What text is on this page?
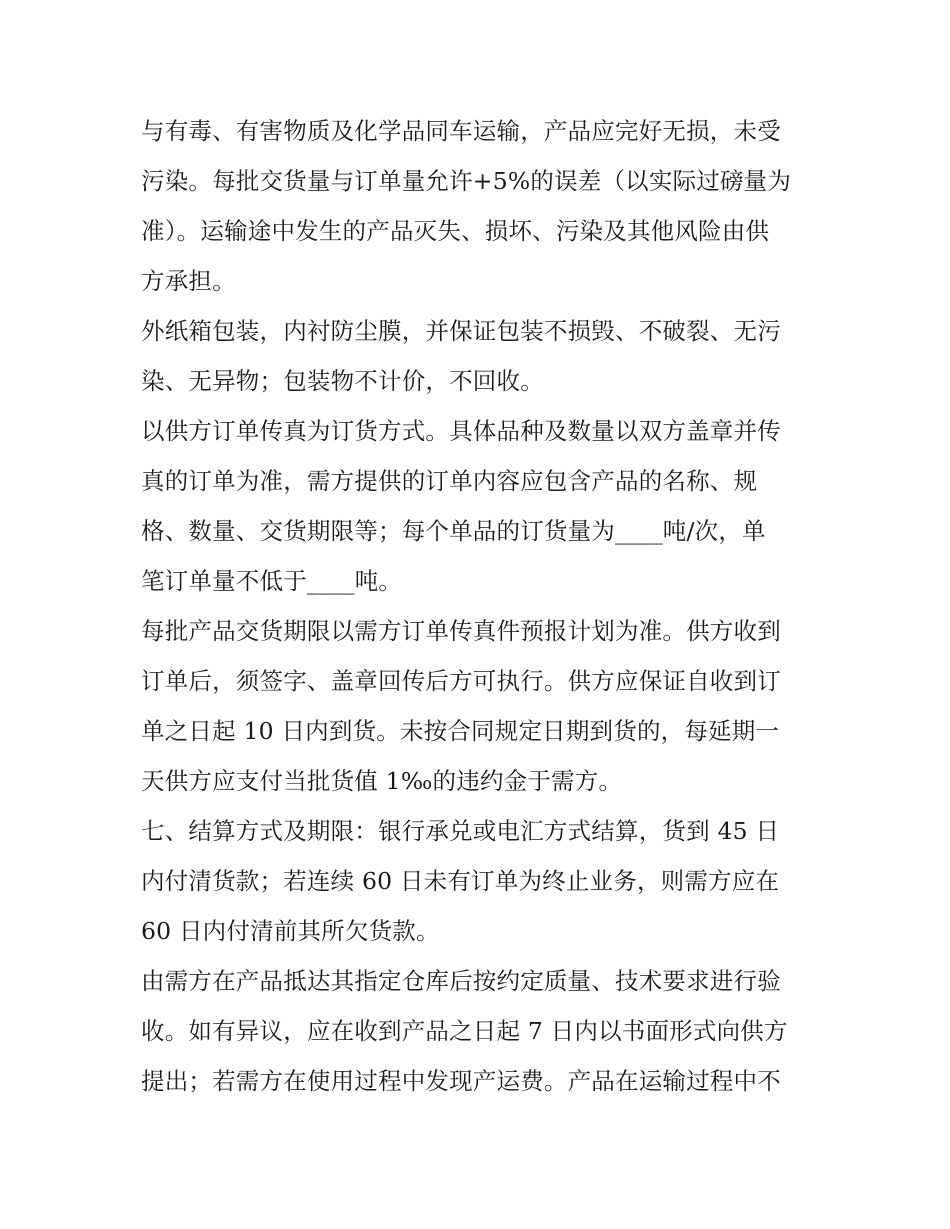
与有毒、有害物质及化学品同车运输，产品应完好无损，未受
污染。每批交货量与订单量允许+5%的误差（以实际过磅量为
准）。运输途中发生的产品灭失、损坏、污染及其他风险由供
方承担。
外纸箱包装，内衬防尘膜，并保证包装不损毁、不破裂、无污
染、无异物；包装物不计价，不回收。
以供方订单传真为订货方式。具体品种及数量以双方盖章并传
真的订单为准，需方提供的订单内容应包含产品的名称、规
格、数量、交货期限等；每个单品的订货量为____吨/次，单
笔订单量不低于____吨。
每批产品交货期限以需方订单传真件预报计划为准。供方收到
订单后，须签字、盖章回传后方可执行。供方应保证自收到订
单之日起 10 日内到货。未按合同规定日期到货的，每延期一
天供方应支付当批货值 1‰的违约金于需方。
七、结算方式及期限：银行承兑或电汇方式结算，货到 45 日
内付清货款；若连续 60 日未有订单为终止业务，则需方应在
60 日内付清前其所欠货款。
由需方在产品抵达其指定仓库后按约定质量、技术要求进行验
收。如有异议，应在收到产品之日起 7 日内以书面形式向供方
提出；若需方在使用过程中发现产运费。产品在运输过程中不
